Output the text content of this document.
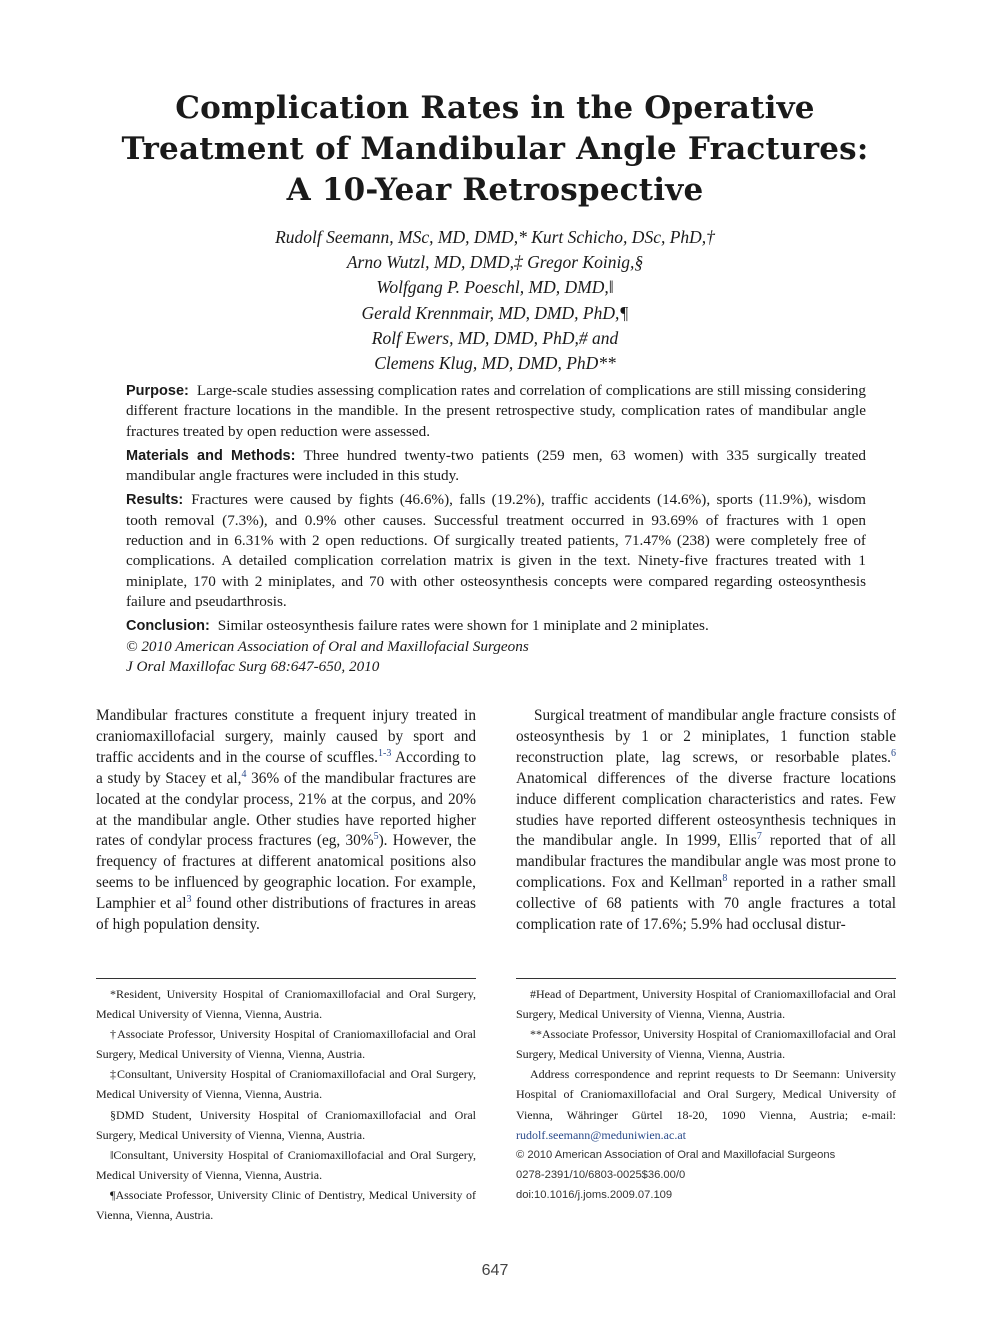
Complication Rates in the Operative
Treatment of Mandibular Angle Fractures:
A 10-Year Retrospective
Rudolf Seemann, MSc, MD, DMD,* Kurt Schicho, DSc, PhD,†
Arno Wutzl, MD, DMD,‡ Gregor Koinig,§
Wolfgang P. Poeschl, MD, DMD,‖
Gerald Krennmair, MD, DMD, PhD,¶
Rolf Ewers, MD, DMD, PhD,# and
Clemens Klug, MD, DMD, PhD**

Purpose: Large-scale studies assessing complication rates and correlation of complications are still missing considering different fracture locations in the mandible. In the present retrospective study, complication rates of mandibular angle fractures treated by open reduction were assessed.

Materials and Methods: Three hundred twenty-two patients (259 men, 63 women) with 335 surgically treated mandibular angle fractures were included in this study.

Results: Fractures were caused by fights (46.6%), falls (19.2%), traffic accidents (14.6%), sports (11.9%), wisdom tooth removal (7.3%), and 0.9% other causes. Successful treatment occurred in 93.69% of fractures with 1 open reduction and in 6.31% with 2 open reductions. Of surgically treated patients, 71.47% (238) were completely free of complications. A detailed complication correlation matrix is given in the text. Ninety-five fractures treated with 1 miniplate, 170 with 2 miniplates, and 70 with other osteosynthesis concepts were compared regarding osteosynthesis failure and pseudarthrosis.

Conclusion: Similar osteosynthesis failure rates were shown for 1 miniplate and 2 miniplates.

© 2010 American Association of Oral and Maxillofacial Surgeons

J Oral Maxillofac Surg 68:647-650, 2010

Mandibular fractures constitute a frequent injury treated in craniomaxillofacial surgery, mainly caused by sport and traffic accidents and in the course of scuffles.$^{1-3}$ According to a study by Stacey et al,$^4$ 36% of the mandibular fractures are located at the condylar process, 21% at the corpus, and 20% at the mandibular angle. Other studies have reported higher rates of condylar process fractures (eg, 30%$^5$). However, the frequency of fractures at different anatomical positions also seems to be influenced by geographic location. For example, Lamphier et $al^3$ found other distributions of fractures in areas of high population density.

Surgical treatment of mandibular angle fracture consists of osteosynthesis by 1 or 2 miniplates, 1 function stable reconstruction plate, lag screws, or resorbable plates.$^6$ Anatomical differences of the diverse fracture locations induce different complication characteristics and rates. Few studies have reported different osteosynthesis techniques in the mandibular angle. In 1999, Ellis$^7$ reported that of all mandibular fractures the mandibular angle was most prone to complications. Fox and Kellman$^8$ reported in a rather small collective of 68 patients with 70 angle fractures a total complication rate of 17.6%; 5.9% had occlusal distur-

*Resident, University Hospital of Craniomaxillofacial and Oral Surgery, Medical University of Vienna, Vienna, Austria.

†Associate Professor, University Hospital of Craniomaxillofacial and Oral Surgery, Medical University of Vienna, Vienna, Austria.

‡Consultant, University Hospital of Craniomaxillofacial and Oral Surgery, Medical University of Vienna, Vienna, Austria.

§DMD Student, University Hospital of Craniomaxillofacial and Oral Surgery, Medical University of Vienna, Vienna, Austria.

‖Consultant, University Hospital of Craniomaxillofacial and Oral Surgery, Medical University of Vienna, Vienna, Austria.

¶Associate Professor, University Clinic of Dentistry, Medical University of Vienna, Vienna, Austria.

#Head of Department, University Hospital of Craniomaxillofacial and Oral Surgery, Medical University of Vienna, Vienna, Austria.

**Associate Professor, University Hospital of Craniomaxillofacial and Oral Surgery, Medical University of Vienna, Vienna, Austria.

Address correspondence and reprint requests to Dr Seemann: University Hospital of Craniomaxillofacial and Oral Surgery, Medical University of Vienna, Währinger Gürtel 18-20, 1090 Vienna, Austria; e-mail: rudolf.seemann@meduniwien.ac.at

© 2010 American Association of Oral and Maxillofacial Surgeons

0278-2391/10/6803-0025$36.00/0

doi:10.1016/j.joms.2009.07.109

647
